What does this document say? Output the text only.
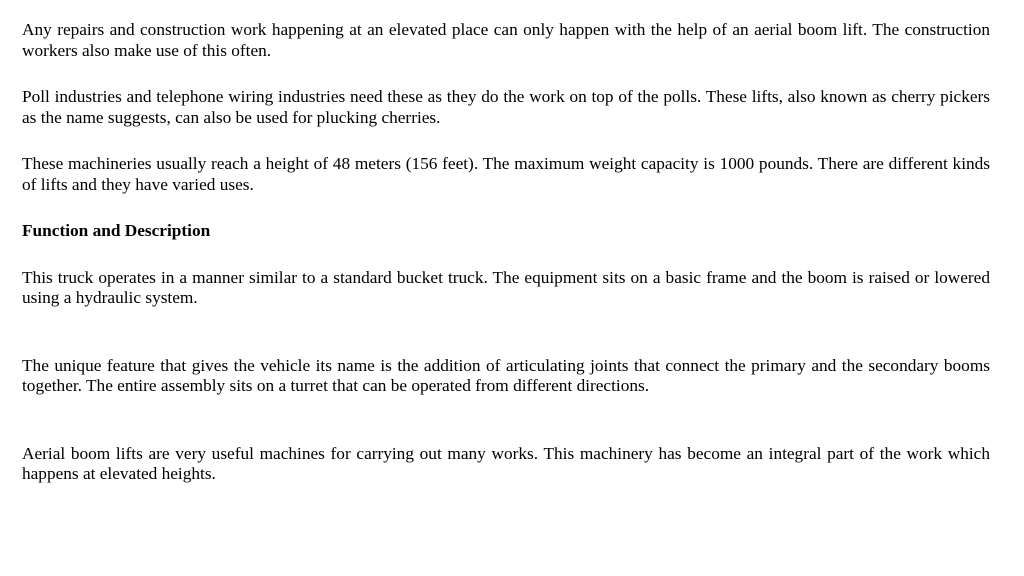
Any repairs and construction work happening at an elevated place can only happen with the help of an aerial boom lift. The construction workers also make use of this often.

Poll industries and telephone wiring industries need these as they do the work on top of the polls. These lifts, also known as cherry pickers as the name suggests, can also be used for plucking cherries.

These machineries usually reach a height of 48 meters (156 feet). The maximum weight capacity is 1000 pounds. There are different kinds of lifts and they have varied uses.

Function and Description

This truck operates in a manner similar to a standard bucket truck. The equipment sits on a basic frame and the boom is raised or lowered using a hydraulic system.

The unique feature that gives the vehicle its name is the addition of articulating joints that connect the primary and the secondary booms together. The entire assembly sits on a turret that can be operated from different directions.

Aerial boom lifts are very useful machines for carrying out many works. This machinery has become an integral part of the work which happens at elevated heights.
